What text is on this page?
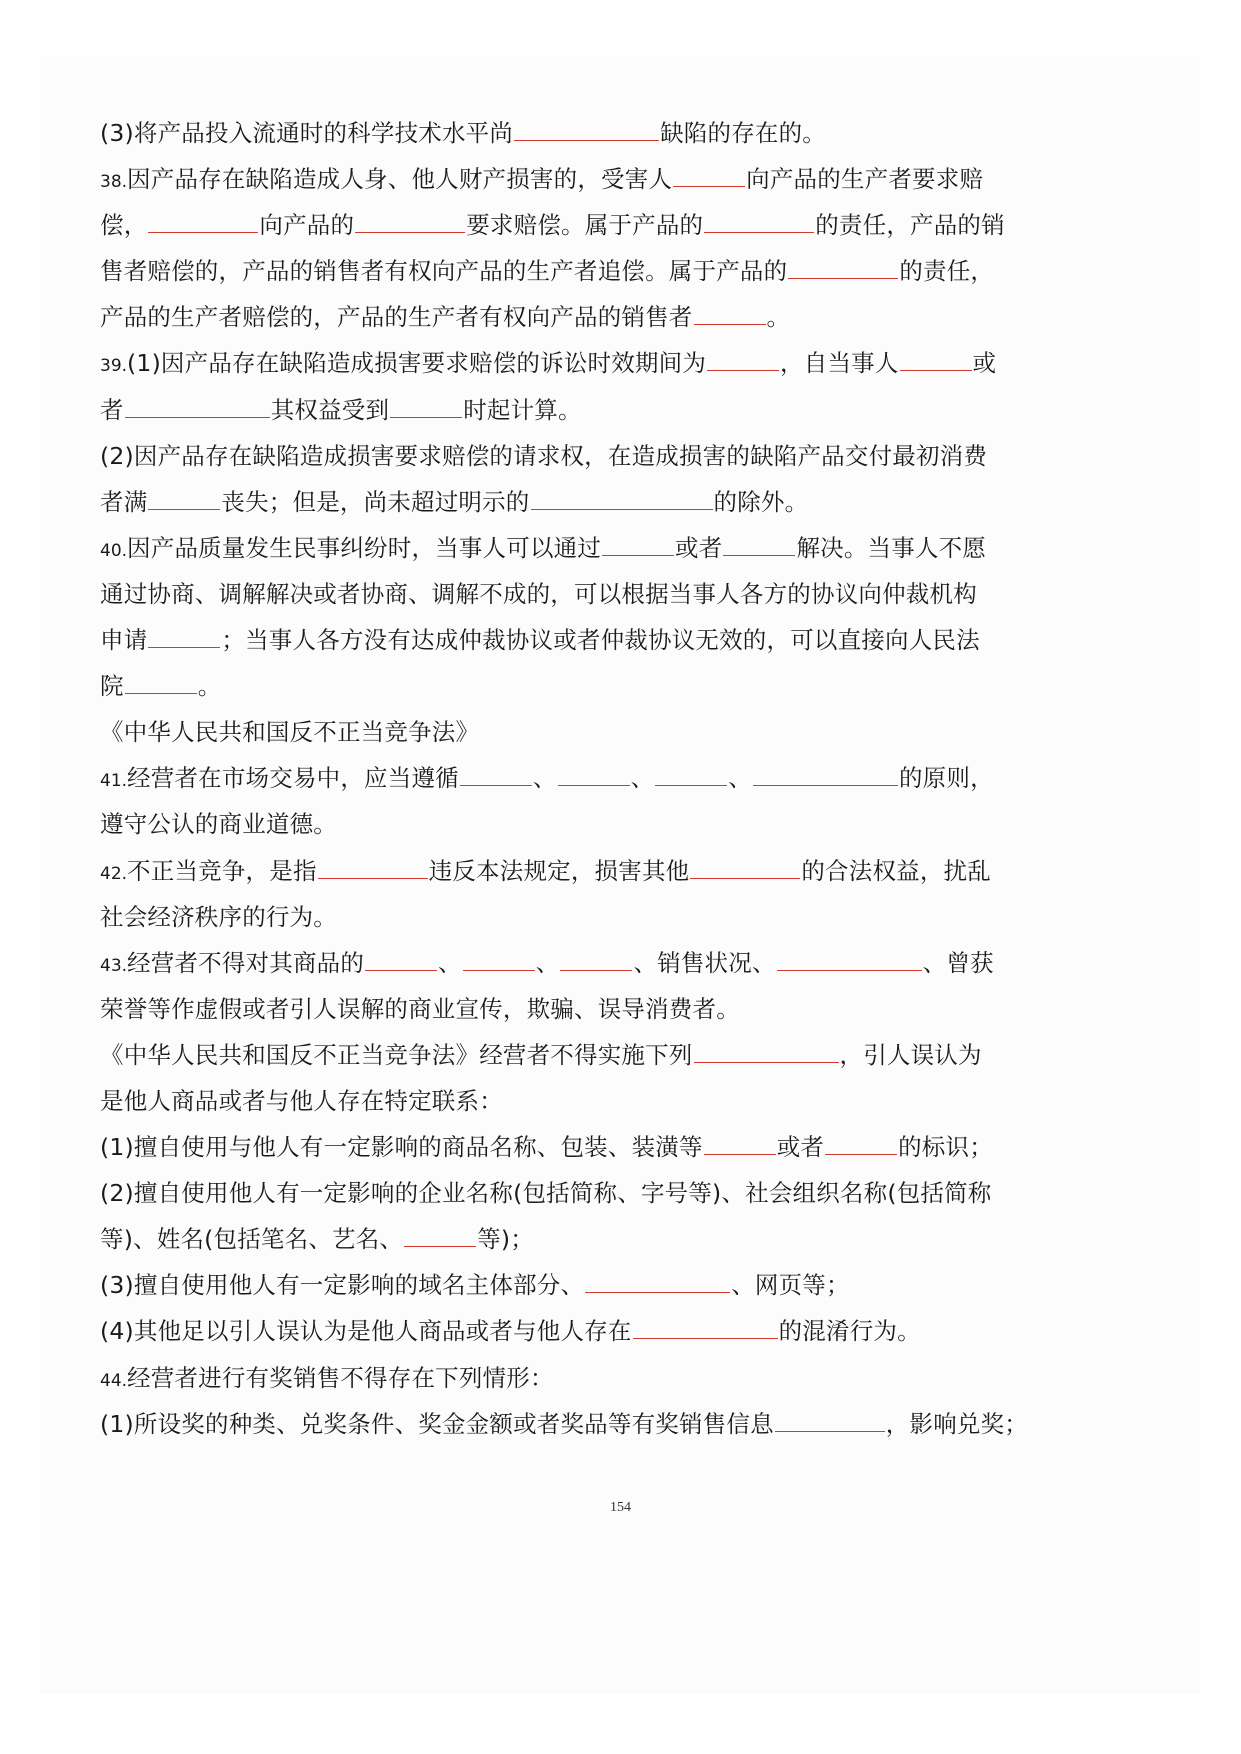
(3)将产品投入流通时的科学技术水平尚	缺陷的存在的。
38.因产品存在缺陷造成人身、他人财产损害的，受害人	向产品的生产者要求赔
偿，	向产品的	要求赔偿。属于产品的	的责任，产品的销
售者赔偿的，产品的销售者有权向产品的生产者追偿。属于产品的	的责任，
产品的生产者赔偿的，产品的生产者有权向产品的销售者	。
39.(1)因产品存在缺陷造成损害要求赔偿的诉讼时效期间为	，自当事人	或
者	其权益受到	时起计算。
(2)因产品存在缺陷造成损害要求赔偿的请求权，在造成损害的缺陷产品交付最初消费
者满	丧失；但是，尚未超过明示的	的除外。
40.因产品质量发生民事纠纷时，当事人可以通过	或者	解决。当事人不愿
通过协商、调解解决或者协商、调解不成的，可以根据当事人各方的协议向仲裁机构
申请	；当事人各方没有达成仲裁协议或者仲裁协议无效的，可以直接向人民法
院	。
《中华人民共和国反不正当竞争法》
41.经营者在市场交易中，应当遵循	、	、	、	的原则，
遵守公认的商业道德。
42.不正当竞争，是指	违反本法规定，损害其他	的合法权益，扰乱
社会经济秩序的行为。
43.经营者不得对其商品的	、	、	、销售状况、	、曾获
荣誉等作虚假或者引人误解的商业宣传，欺骗、误导消费者。
《中华人民共和国反不正当竞争法》经营者不得实施下列	，引人误认为
是他人商品或者与他人存在特定联系：
(1)擅自使用与他人有一定影响的商品名称、包装、装潢等	或者	的标识；
(2)擅自使用他人有一定影响的企业名称(包括简称、字号等)、社会组织名称(包括简称
等)、姓名(包括笔名、艺名、	等)；
(3)擅自使用他人有一定影响的域名主体部分、	、网页等；
(4)其他足以引人误认为是他人商品或者与他人存在	的混淆行为。
44.经营者进行有奖销售不得存在下列情形：
(1)所设奖的种类、兑奖条件、奖金金额或者奖品等有奖销售信息	，影响兑奖；
154
